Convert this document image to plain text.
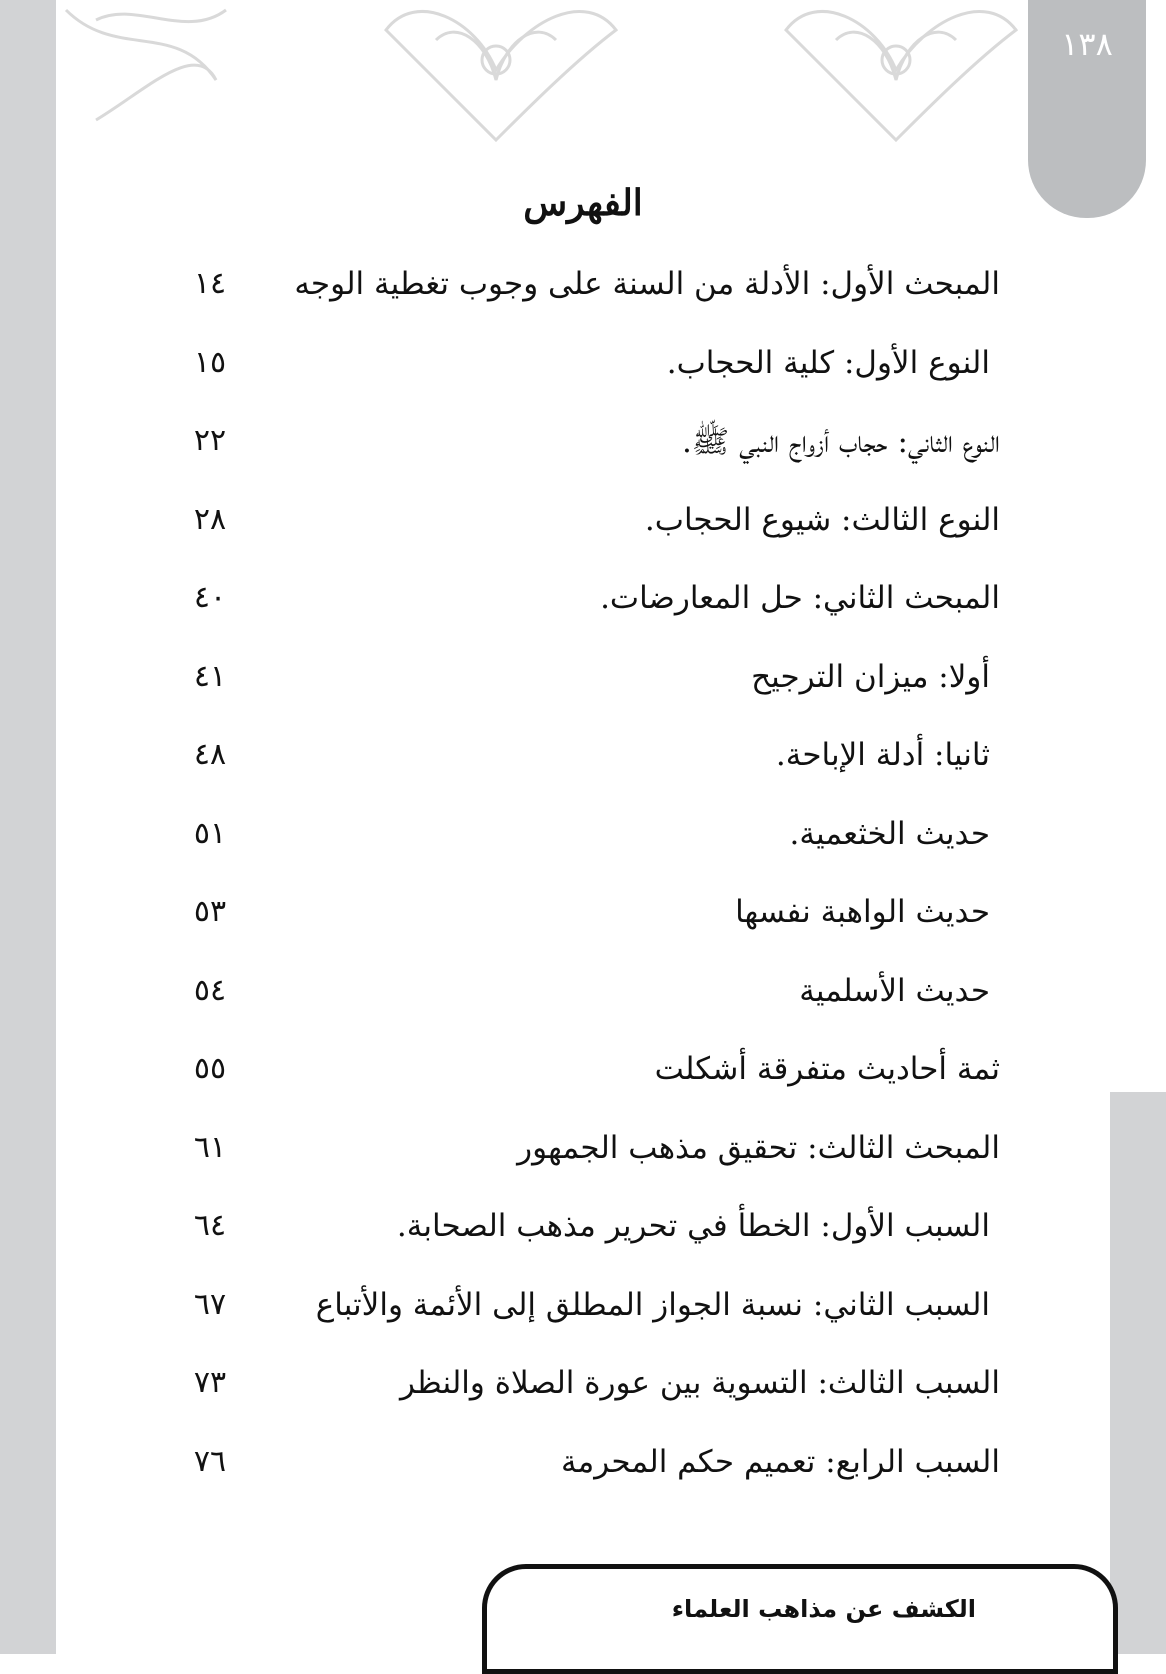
١٣٨
الفهرس
المبحث الأول: الأدلة من السنة على وجوب تغطية الوجه
١٤
النوع الأول: كلية الحجاب.
١٥
النوع الثاني: حجاب أزواج النبي ﷺ.
٢٢
النوع الثالث: شيوع الحجاب.
٢٨
المبحث الثاني: حل المعارضات.
٤٠
أولا: ميزان الترجيح
٤١
ثانيا: أدلة الإباحة.
٤٨
حديث الخثعمية.
٥١
حديث الواهبة نفسها
٥٣
حديث الأسلمية
٥٤
ثمة أحاديث متفرقة أشكلت
٥٥
المبحث الثالث: تحقيق مذهب الجمهور
٦١
السبب الأول: الخطأ في تحرير مذهب الصحابة.
٦٤
السبب الثاني: نسبة الجواز المطلق إلى الأئمة والأتباع
٦٧
السبب الثالث: التسوية بين عورة الصلاة والنظر
٧٣
السبب الرابع: تعميم حكم المحرمة
٧٦
الكشف عن مذاهب العلماء
